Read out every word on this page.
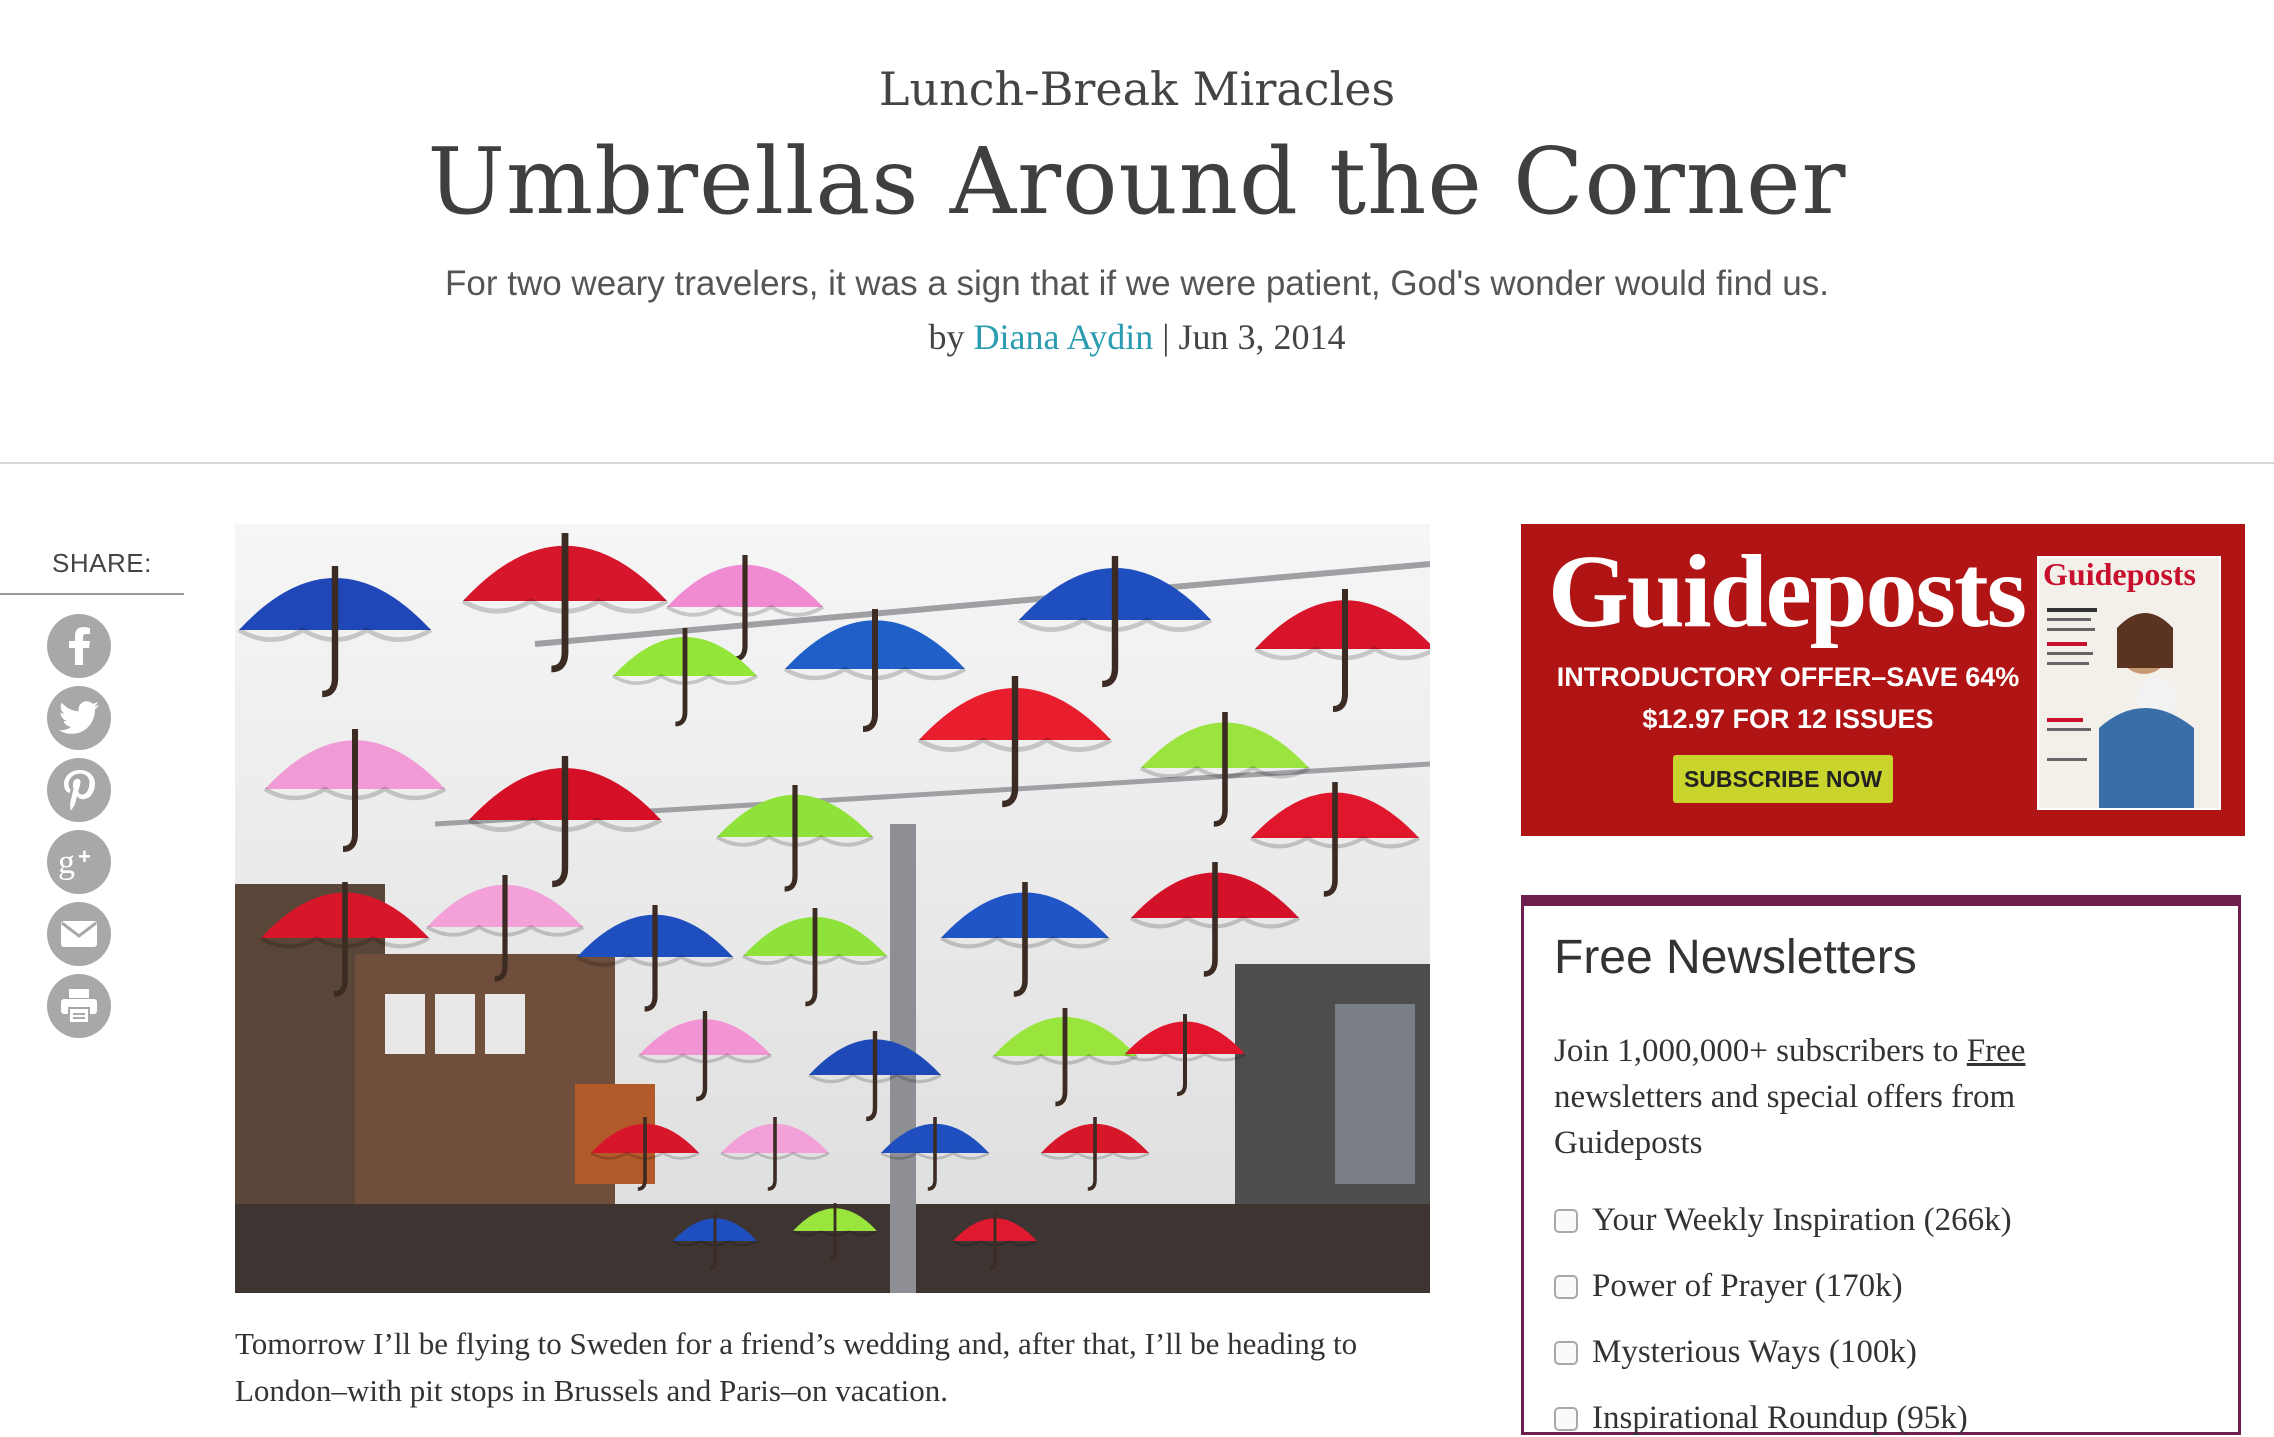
Lunch-Break Miracles
Umbrellas Around the Corner
For two weary travelers, it was a sign that if we were patient, God's wonder would find us.
by Diana Aydin | Jun 3, 2014
SHARE:
g +
Tomorrow I’ll be flying to Sweden for a friend’s wedding and, after that, I’ll be heading to
London–with pit stops in Brussels and Paris–on vacation.
Guideposts
INTRODUCTORY OFFER–SAVE 64%
$12.97 FOR 12 ISSUES
SUBSCRIBE NOW
Guideposts
Free Newsletters
Join 1,000,000+ subscribers to Free newsletters and special offers from Guideposts
Your Weekly Inspiration (266k)
Power of Prayer (170k)
Mysterious Ways (100k)
Inspirational Roundup (95k)
